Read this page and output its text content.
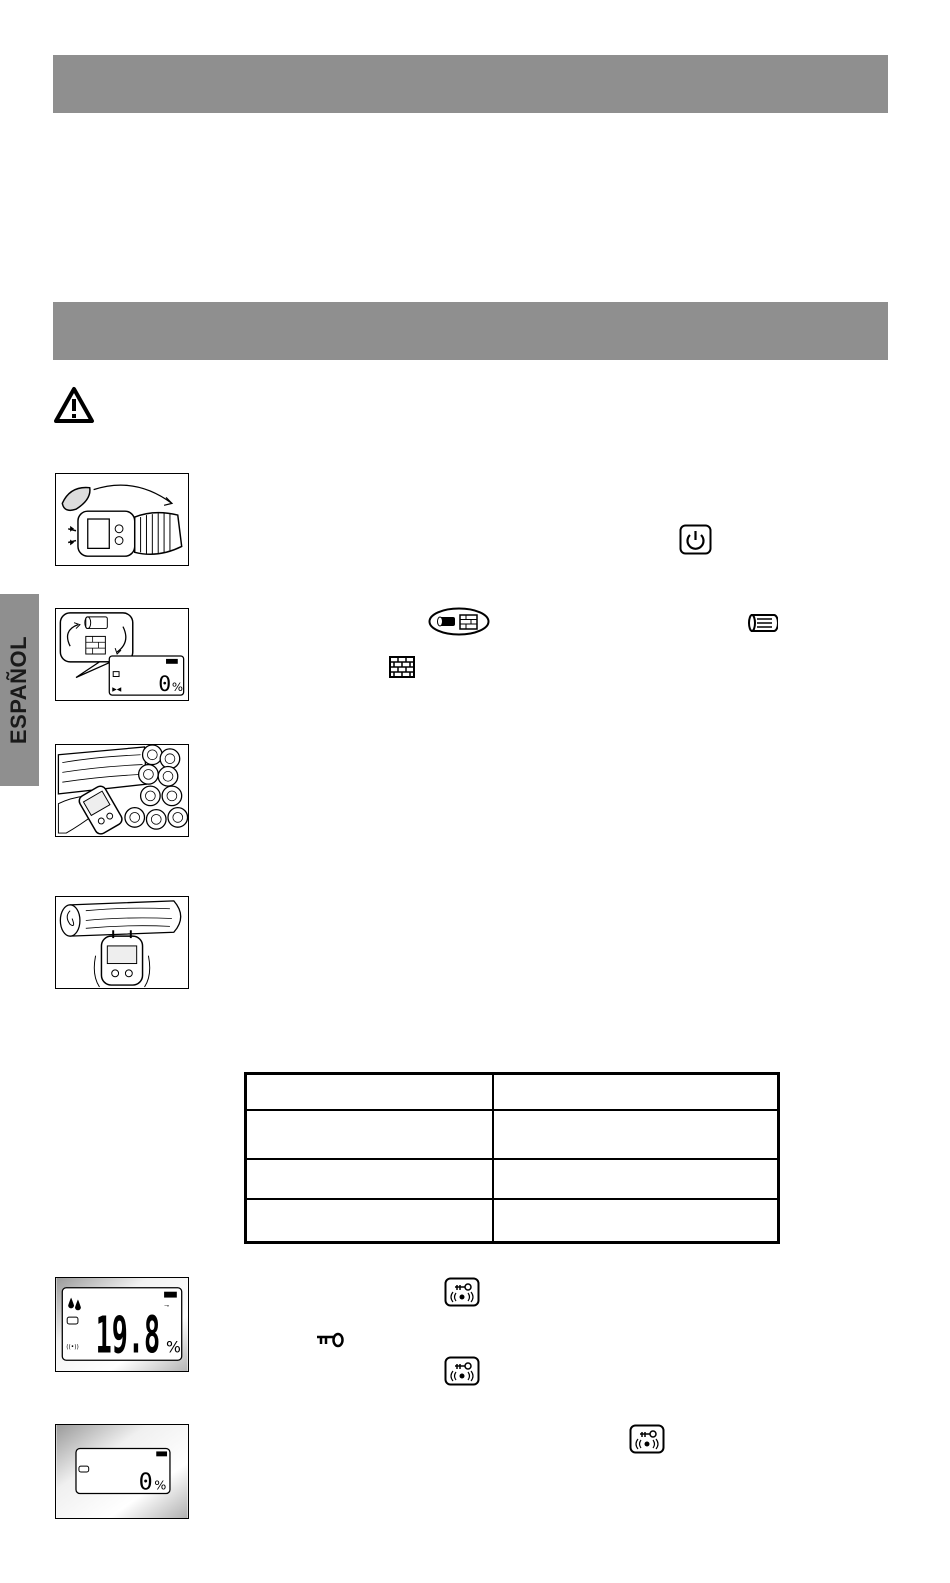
ESPAÑOL	▶◀ 0 %

⊸
((•)) 19.8 %
0 %
